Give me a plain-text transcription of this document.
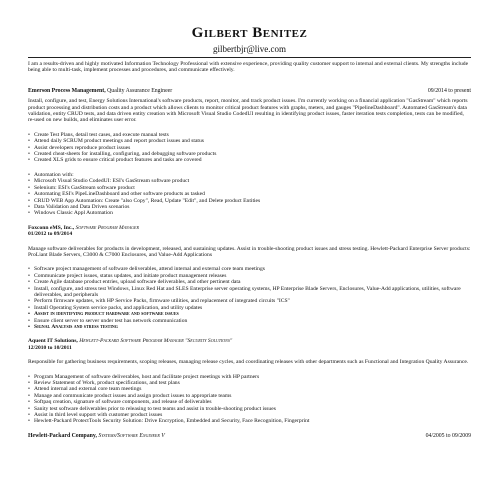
Gilbert Benitez
gilbertbjr@live.com

I am a results-driven and highly motivated Information Technology Professional with extensive experience, providing quality customer support to internal and external clients. My strengths include being able to multi-task, implement processes and procedures, and communicate effectively.

Emerson Process Management, Quality Assurance Engineer	09/2014 to present

Install, configure, and test, Energy Solutions International's software products, report, monitor, and track product issues. I'm currently working on a financial application "GasStream" which reports product processing and distribution costs and a product which allows clients to monitor critical product features with graphs, meters, and gauges "PipelineDashboard". Automated GasStream's data validation, entity CRUD tests, and data driven entity creation with Microsoft Visual Studio CodedUI resulting in identifying product issues, faster iteration tests completion, tests can be modified, re-used on new builds, and eliminates user error.

• Create Test Plans, detail test cases, and execute manual tests
• Attend daily SCRUM product meetings and report product issues and status
• Assist developers reproduce product issues
• Created cheat-sheets for installing, configuring, and debugging software products
• Created XLS grids to ensure critical product features and tasks are covered
• Automation with:
• Microsoft Visual Studio CodedUI: ESI's GasStream software product
• Selenium: ESI's GasStream software product
• Automating ESI's PipeLineDashboard and other software products as tasked
• CRUD WEB App Automation: Create "also Copy", Read, Update "Edit", and Delete product Entities
• Data Validation and Data Driven scenarios
• Windows Classic Appl Automation
Foxconn eMS, Inc., Software Program Manager
01/2012 to 09/2014

Manage software deliverables for products in development, released, and sustaining updates. Assist in trouble-shooting product issues and stress testing. Hewlett-Packard Enterprise Server products: ProLiant Blade Servers, C3000 & C7000 Enclosures, and Value-Add Applications

• Software project management of software deliverables, attend internal and external core team meetings
• Communicate project issues, status updates, and initiate product management releases
• Create Agile database product entries, upload software deliverables, and other pertinent data
• Install, configure, and stress test Windows, Linux Red Hat and SLES Enterprise server operating systems, HP Enterprise Blade Servers, Enclosures, Value-Add applications, utilities, software deliverables, and peripherals
• Perform firmware updates, with HP Service Packs, firmware utilities, and replacement of integrated circuits "ICS"
• Install Operating System service packs, and application, and utility updates
• Assist in identifying product hardware and software issues
• Ensure client server to server under test has network communication
• Signal Analysis and stress testing
Aquent IT Solutions, Hewlett-Packard Software Program Manager "Security Solutions"
12/2010 to 10/2011

Responsible for gathering business requirements, scoping releases, managing release cycles, and coordinating releases with other departments such as Functional and Integration Quality Assurance.

• Program Management of software deliverables, host and facilitate project meetings with HP partners
• Review Statement of Work, product specifications, and test plans
• Attend internal and external core team meetings
• Manage and communicate product issues and assign product issues to appropriate teams
• Softpaq creation, signature of software components, and release of deliverables
• Sanity test software deliverables prior to releasing to test teams and assist in trouble-shooting product issues
• Assist in third level support with customer product issues
• Hewlett-Packard ProtectTools Security Solution: Drive Encryption, Embedded and Security, Face Recognition, Fingerprint
Hewlett-Packard Company, Systems/Software Engineer V	04/2005 to 09/2009
